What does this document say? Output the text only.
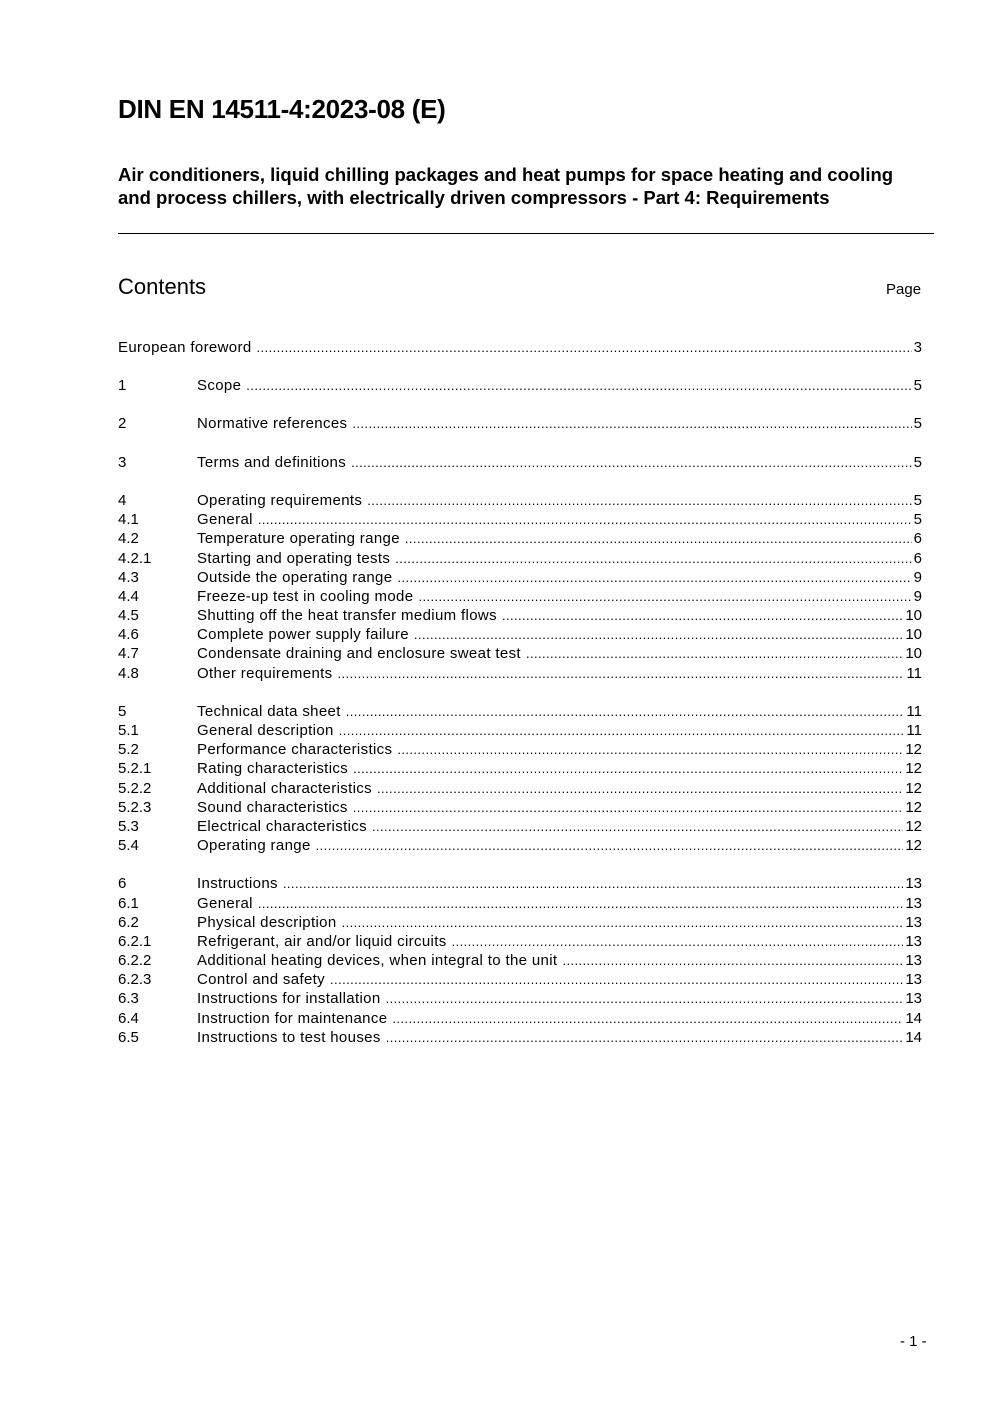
DIN EN 14511-4:2023-08 (E)
Air conditioners, liquid chilling packages and heat pumps for space heating and cooling and process chillers, with electrically driven compressors - Part 4: Requirements
Contents	Page
European foreword .....	3
1	Scope .....	5
2	Normative references .....	5
3	Terms and definitions .....	5
4	Operating requirements .....	5
4.1	General .....	5
4.2	Temperature operating range .....	6
4.2.1	Starting and operating tests .....	6
4.3	Outside the operating range .....	9
4.4	Freeze-up test in cooling mode .....	9
4.5	Shutting off the heat transfer medium flows .....	10
4.6	Complete power supply failure .....	10
4.7	Condensate draining and enclosure sweat test .....	10
4.8	Other requirements .....	11
5	Technical data sheet .....	11
5.1	General description .....	11
5.2	Performance characteristics .....	12
5.2.1	Rating characteristics .....	12
5.2.2	Additional characteristics .....	12
5.2.3	Sound characteristics .....	12
5.3	Electrical characteristics .....	12
5.4	Operating range .....	12
6	Instructions .....	13
6.1	General .....	13
6.2	Physical description .....	13
6.2.1	Refrigerant, air and/or liquid circuits .....	13
6.2.2	Additional heating devices, when integral to the unit .....	13
6.2.3	Control and safety .....	13
6.3	Instructions for installation .....	13
6.4	Instruction for maintenance .....	14
6.5	Instructions to test houses .....	14
- 1 -
